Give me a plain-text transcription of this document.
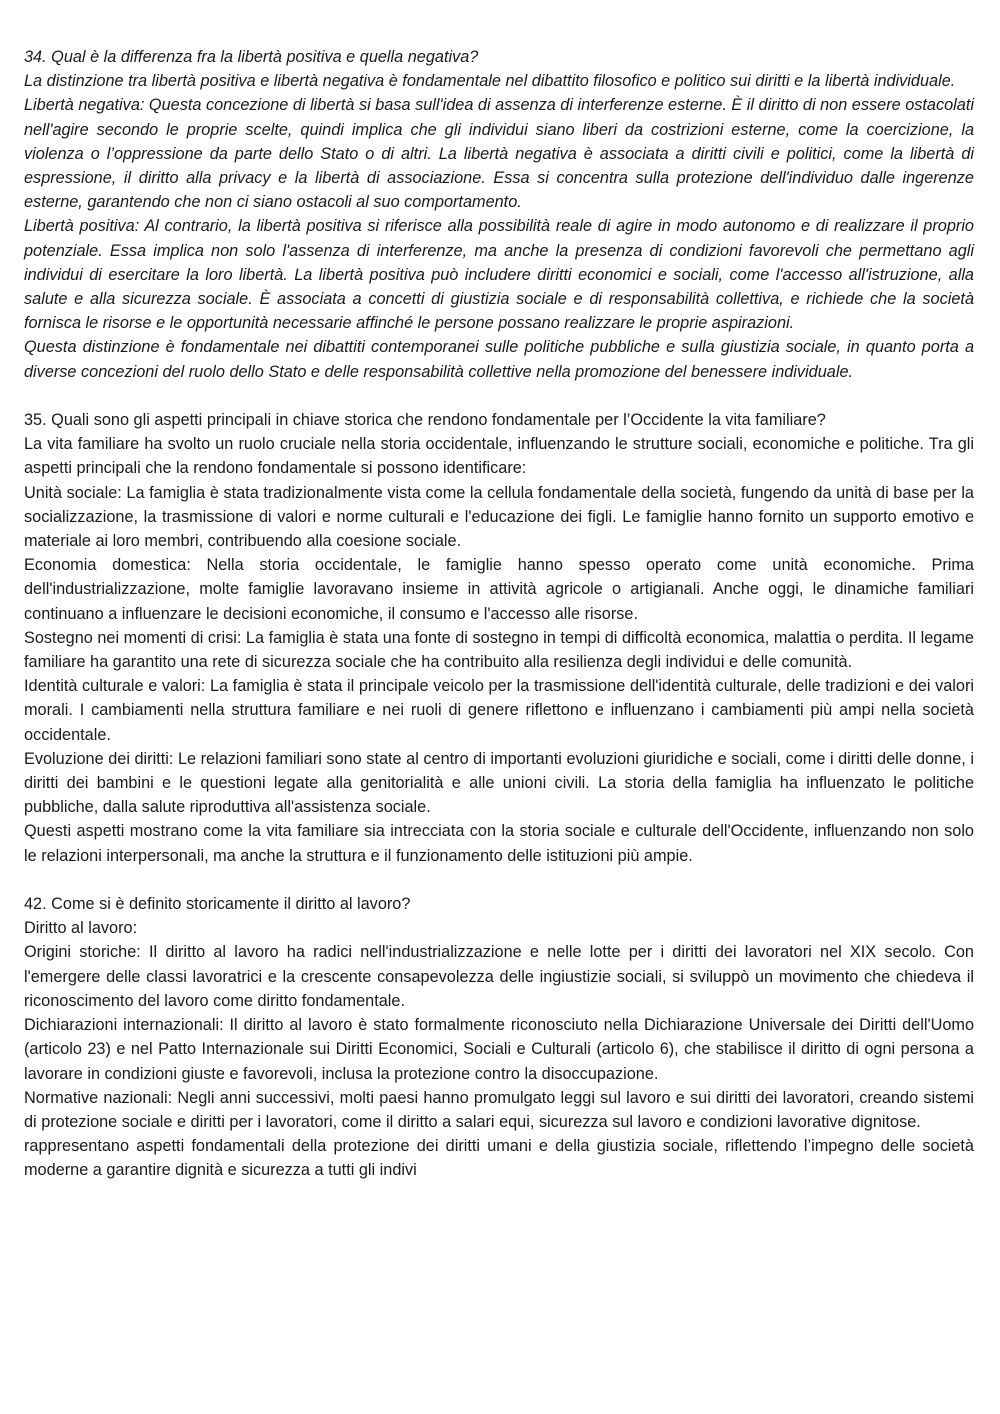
34. Qual è la differenza fra la libertà positiva e quella negativa?

La distinzione tra libertà positiva e libertà negativa è fondamentale nel dibattito filosofico e politico sui diritti e la libertà individuale.

Libertà negativa: Questa concezione di libertà si basa sull'idea di assenza di interferenze esterne. È il diritto di non essere ostacolati nell'agire secondo le proprie scelte, quindi implica che gli individui siano liberi da costrizioni esterne, come la coercizione, la violenza o l’oppressione da parte dello Stato o di altri. La libertà negativa è associata a diritti civili e politici, come la libertà di espressione, il diritto alla privacy e la libertà di associazione. Essa si concentra sulla protezione dell'individuo dalle ingerenze esterne, garantendo che non ci siano ostacoli al suo comportamento.

Libertà positiva: Al contrario, la libertà positiva si riferisce alla possibilità reale di agire in modo autonomo e di realizzare il proprio potenziale. Essa implica non solo l'assenza di interferenze, ma anche la presenza di condizioni favorevoli che permettano agli individui di esercitare la loro libertà. La libertà positiva può includere diritti economici e sociali, come l'accesso all'istruzione, alla salute e alla sicurezza sociale. È associata a concetti di giustizia sociale e di responsabilità collettiva, e richiede che la società fornisca le risorse e le opportunità necessarie affinché le persone possano realizzare le proprie aspirazioni.

Questa distinzione è fondamentale nei dibattiti contemporanei sulle politiche pubbliche e sulla giustizia sociale, in quanto porta a diverse concezioni del ruolo dello Stato e delle responsabilità collettive nella promozione del benessere individuale.

35. Quali sono gli aspetti principali in chiave storica che rendono fondamentale per l’Occidente la vita familiare?

La vita familiare ha svolto un ruolo cruciale nella storia occidentale, influenzando le strutture sociali, economiche e politiche. Tra gli aspetti principali che la rendono fondamentale si possono identificare:

Unità sociale: La famiglia è stata tradizionalmente vista come la cellula fondamentale della società, fungendo da unità di base per la socializzazione, la trasmissione di valori e norme culturali e l'educazione dei figli. Le famiglie hanno fornito un supporto emotivo e materiale ai loro membri, contribuendo alla coesione sociale.

Economia domestica: Nella storia occidentale, le famiglie hanno spesso operato come unità economiche. Prima dell'industrializzazione, molte famiglie lavoravano insieme in attività agricole o artigianali. Anche oggi, le dinamiche familiari continuano a influenzare le decisioni economiche, il consumo e l'accesso alle risorse.

Sostegno nei momenti di crisi: La famiglia è stata una fonte di sostegno in tempi di difficoltà economica, malattia o perdita. Il legame familiare ha garantito una rete di sicurezza sociale che ha contribuito alla resilienza degli individui e delle comunità.

Identità culturale e valori: La famiglia è stata il principale veicolo per la trasmissione dell'identità culturale, delle tradizioni e dei valori morali. I cambiamenti nella struttura familiare e nei ruoli di genere riflettono e influenzano i cambiamenti più ampi nella società occidentale.

Evoluzione dei diritti: Le relazioni familiari sono state al centro di importanti evoluzioni giuridiche e sociali, come i diritti delle donne, i diritti dei bambini e le questioni legate alla genitorialità e alle unioni civili. La storia della famiglia ha influenzato le politiche pubbliche, dalla salute riproduttiva all'assistenza sociale.

Questi aspetti mostrano come la vita familiare sia intrecciata con la storia sociale e culturale dell'Occidente, influenzando non solo le relazioni interpersonali, ma anche la struttura e il funzionamento delle istituzioni più ampie.

42. Come si è definito storicamente il diritto al lavoro?

Diritto al lavoro:

Origini storiche: Il diritto al lavoro ha radici nell'industrializzazione e nelle lotte per i diritti dei lavoratori nel XIX secolo. Con l'emergere delle classi lavoratrici e la crescente consapevolezza delle ingiustizie sociali, si sviluppò un movimento che chiedeva il riconoscimento del lavoro come diritto fondamentale.

Dichiarazioni internazionali: Il diritto al lavoro è stato formalmente riconosciuto nella Dichiarazione Universale dei Diritti dell'Uomo (articolo 23) e nel Patto Internazionale sui Diritti Economici, Sociali e Culturali (articolo 6), che stabilisce il diritto di ogni persona a lavorare in condizioni giuste e favorevoli, inclusa la protezione contro la disoccupazione.

Normative nazionali: Negli anni successivi, molti paesi hanno promulgato leggi sul lavoro e sui diritti dei lavoratori, creando sistemi di protezione sociale e diritti per i lavoratori, come il diritto a salari equi, sicurezza sul lavoro e condizioni lavorative dignitose.

rappresentano aspetti fondamentali della protezione dei diritti umani e della giustizia sociale, riflettendo l’impegno delle società moderne a garantire dignità e sicurezza a tutti gli indivi
